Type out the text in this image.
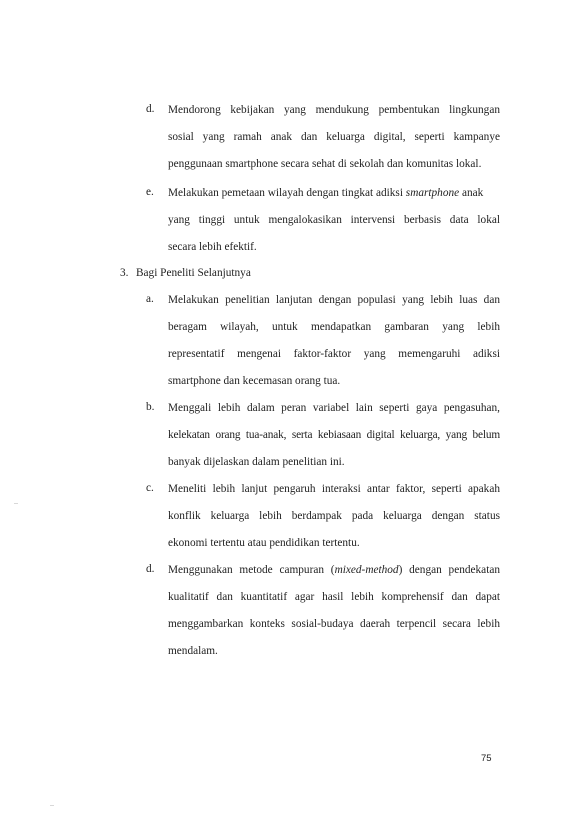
d. Mendorong kebijakan yang mendukung pembentukan lingkungan
sosial yang ramah anak dan keluarga digital, seperti kampanye
penggunaan smartphone secara sehat di sekolah dan komunitas lokal.
e. Melakukan pemetaan wilayah dengan tingkat adiksi smartphone anak
yang tinggi untuk mengalokasikan intervensi berbasis data lokal
secara lebih efektif.
3. Bagi Peneliti Selanjutnya
a. Melakukan penelitian lanjutan dengan populasi yang lebih luas dan
beragam wilayah, untuk mendapatkan gambaran yang lebih
representatif mengenai faktor-faktor yang memengaruhi adiksi
smartphone dan kecemasan orang tua.
b. Menggali lebih dalam peran variabel lain seperti gaya pengasuhan,
kelekatan orang tua-anak, serta kebiasaan digital keluarga, yang belum
banyak dijelaskan dalam penelitian ini.
c. Meneliti lebih lanjut pengaruh interaksi antar faktor, seperti apakah
konflik keluarga lebih berdampak pada keluarga dengan status
ekonomi tertentu atau pendidikan tertentu.
d. Menggunakan metode campuran (mixed-method) dengan pendekatan
kualitatif dan kuantitatif agar hasil lebih komprehensif dan dapat
menggambarkan konteks sosial-budaya daerah terpencil secara lebih
mendalam.
75
